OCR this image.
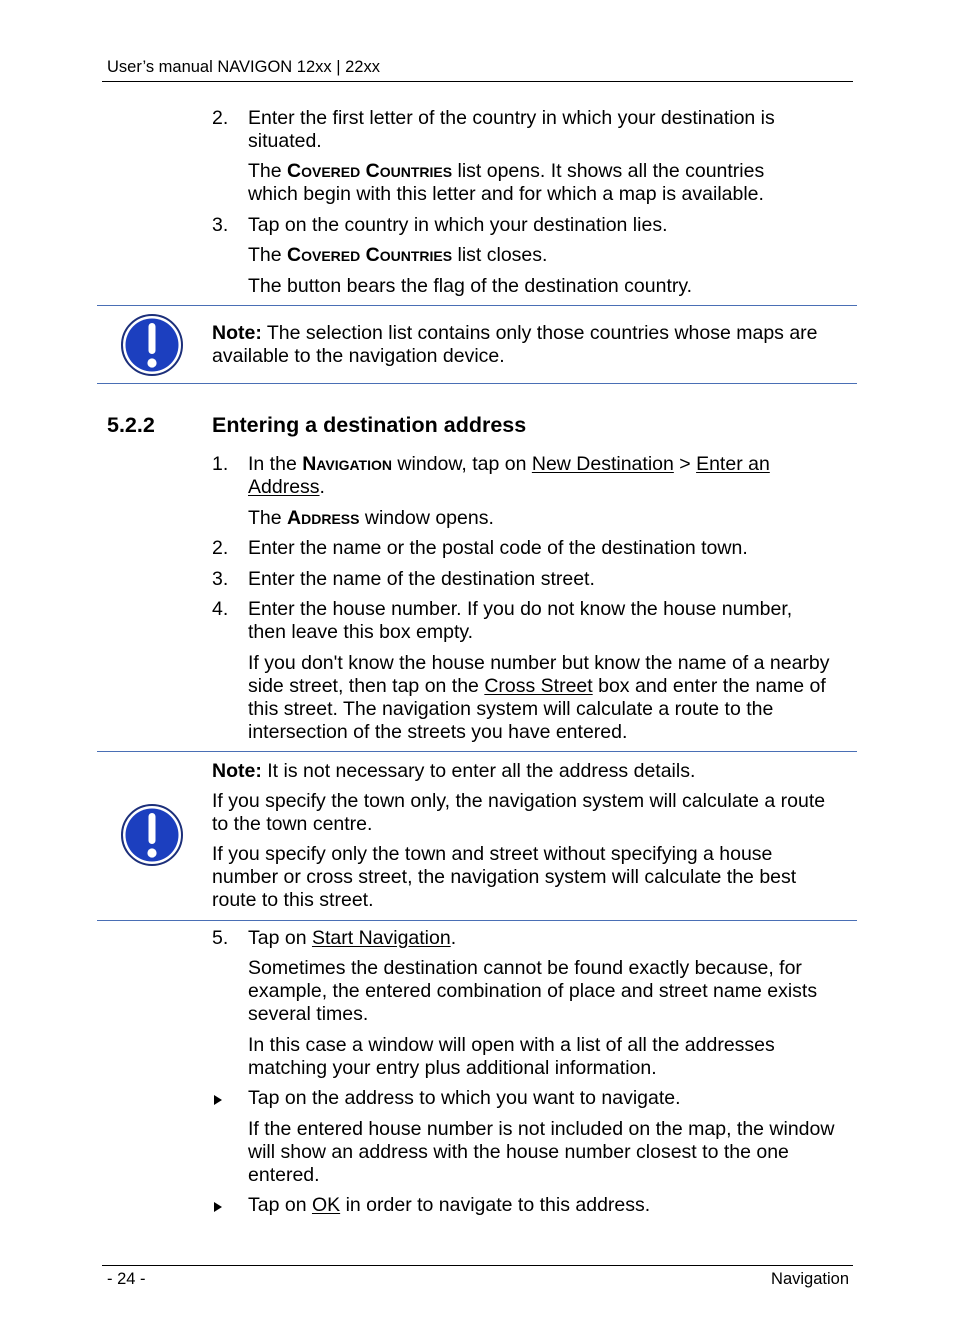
User’s manual NAVIGON 12xx | 22xx
2. Enter the first letter of the country in which your destination is
situated.
The Covered Countries list opens. It shows all the countries
which begin with this letter and for which a map is available.
3. Tap on the country in which your destination lies.
The Covered Countries list closes.
The button bears the flag of the destination country.
Note: The selection list contains only those countries whose maps are
available to the navigation device.
5.2.2	Entering a destination address
1. In the Navigation window, tap on New Destination > Enter an
Address.
The Address window opens.
2. Enter the name or the postal code of the destination town.
3. Enter the name of the destination street.
4. Enter the house number. If you do not know the house number,
then leave this box empty.
If you don't know the house number but know the name of a nearby
side street, then tap on the Cross Street box and enter the name of
this street. The navigation system will calculate a route to the
intersection of the streets you have entered.
Note: It is not necessary to enter all the address details.
If you specify the town only, the navigation system will calculate a route
to the town centre.
If you specify only the town and street without specifying a house
number or cross street, the navigation system will calculate the best
route to this street.
5. Tap on Start Navigation.
Sometimes the destination cannot be found exactly because, for
example, the entered combination of place and street name exists
several times.
In this case a window will open with a list of all the addresses
matching your entry plus additional information.
Tap on the address to which you want to navigate.
If the entered house number is not included on the map, the window
will show an address with the house number closest to the one
entered.
Tap on OK in order to navigate to this address.
- 24 -	Navigation
